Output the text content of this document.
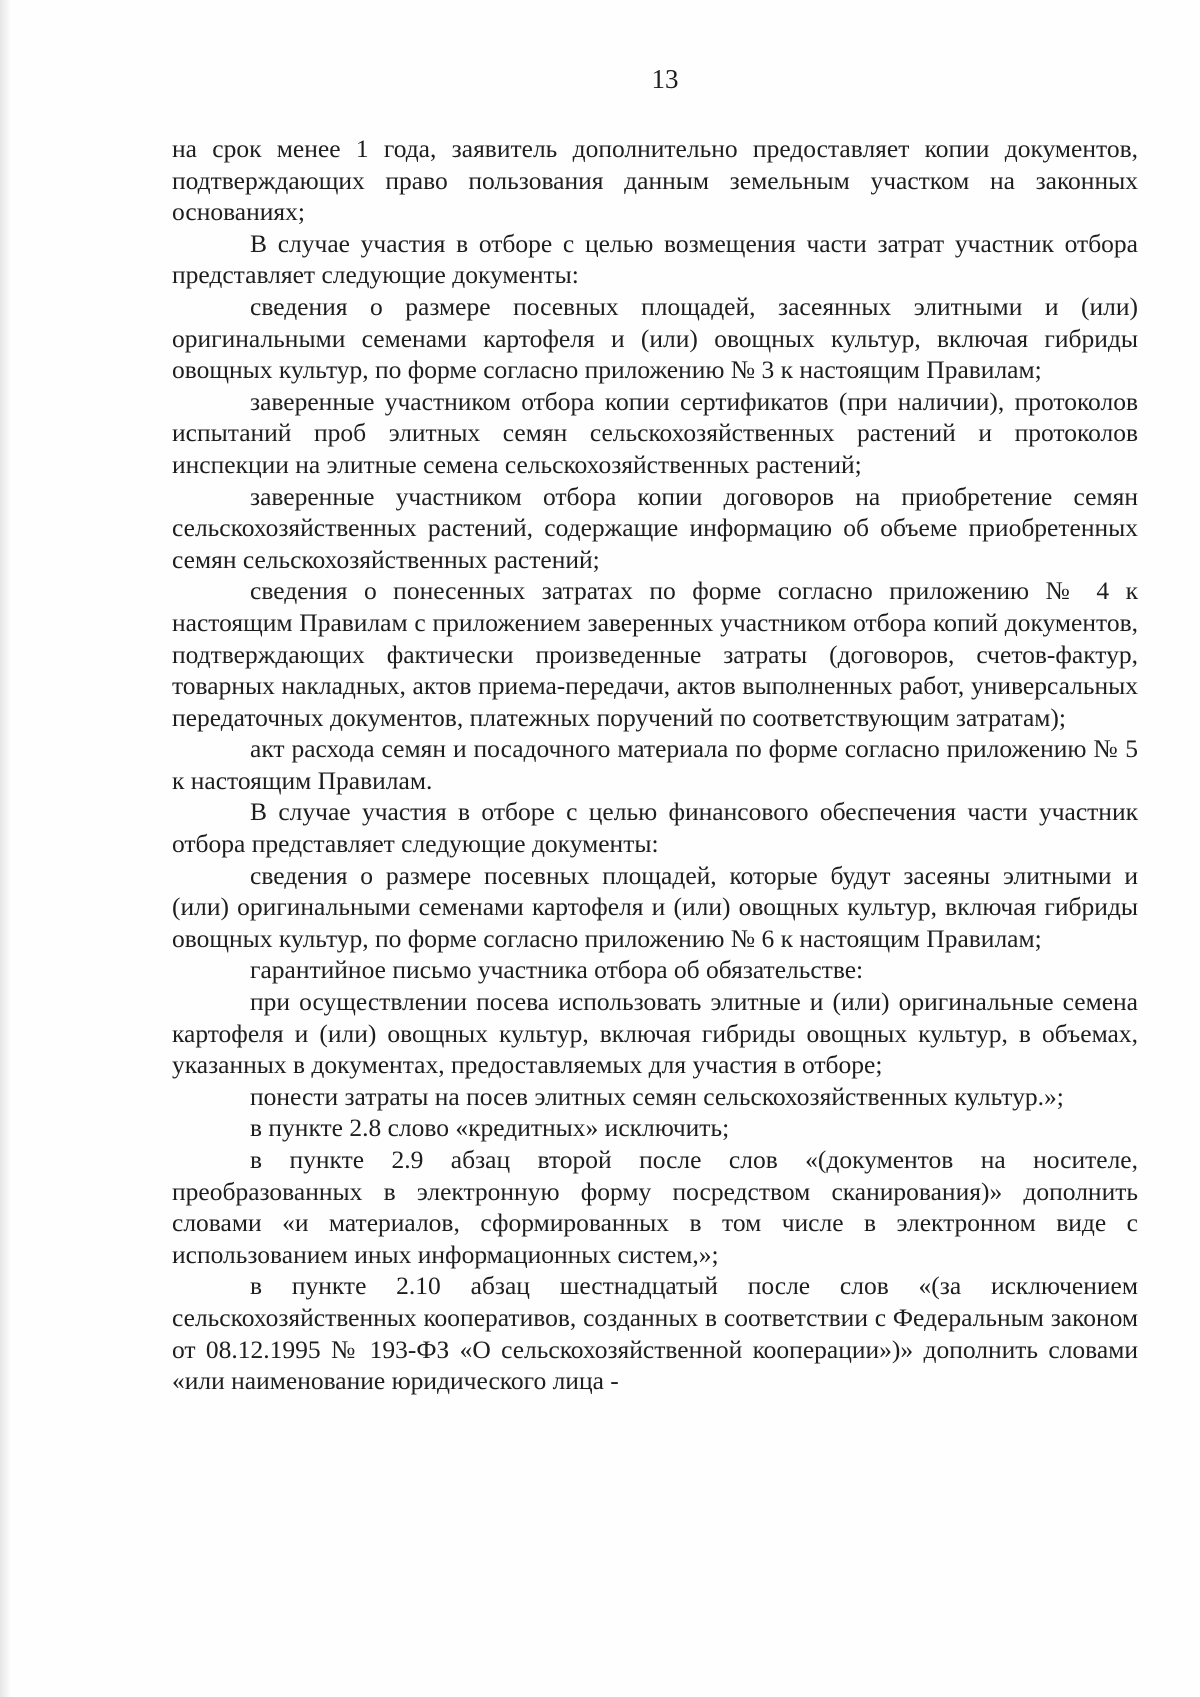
13

на срок менее 1 года, заявитель дополнительно предоставляет копии документов, подтверждающих право пользования данным земельным участком на законных основаниях;

В случае участия в отборе с целью возмещения части затрат участник отбора представляет следующие документы:

сведения о размере посевных площадей, засеянных элитными и (или) оригинальными семенами картофеля и (или) овощных культур, включая гибриды овощных культур, по форме согласно приложению № 3 к настоящим Правилам;

заверенные участником отбора копии сертификатов (при наличии), протоколов испытаний проб элитных семян сельскохозяйственных растений и протоколов инспекции на элитные семена сельскохозяйственных растений;

заверенные участником отбора копии договоров на приобретение семян сельскохозяйственных растений, содержащие информацию об объеме приобретенных семян сельскохозяйственных растений;

сведения о понесенных затратах по форме согласно приложению № 4 к настоящим Правилам с приложением заверенных участником отбора копий документов, подтверждающих фактически произведенные затраты (договоров, счетов-фактур, товарных накладных, актов приема-передачи, актов выполненных работ, универсальных передаточных документов, платежных поручений по соответствующим затратам);

акт расхода семян и посадочного материала по форме согласно приложению № 5 к настоящим Правилам.

В случае участия в отборе с целью финансового обеспечения части участник отбора представляет следующие документы:

сведения о размере посевных площадей, которые будут засеяны элитными и (или) оригинальными семенами картофеля и (или) овощных культур, включая гибриды овощных культур, по форме согласно приложению № 6 к настоящим Правилам;

гарантийное письмо участника отбора об обязательстве:

при осуществлении посева использовать элитные и (или) оригинальные семена картофеля и (или) овощных культур, включая гибриды овощных культур, в объемах, указанных в документах, предоставляемых для участия в отборе;

понести затраты на посев элитных семян сельскохозяйственных культур.»;

в пункте 2.8 слово «кредитных» исключить;

в пункте 2.9 абзац второй после слов «(документов на носителе, преобразованных в электронную форму посредством сканирования)» дополнить словами «и материалов, сформированных в том числе в электронном виде с использованием иных информационных систем,»;

в пункте 2.10 абзац шестнадцатый после слов «(за исключением сельскохозяйственных кооперативов, созданных в соответствии с Федеральным законом от 08.12.1995 № 193-ФЗ «О сельскохозяйственной кооперации»)» дополнить словами «или наименование юридического лица -
